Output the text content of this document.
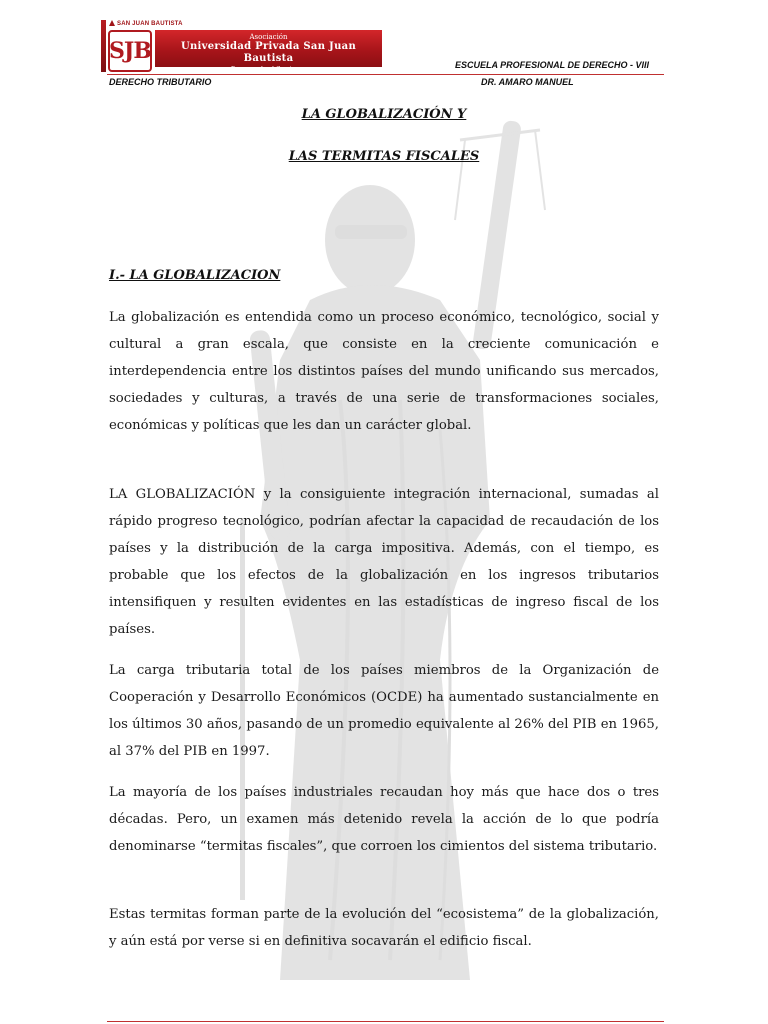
SAN JUAN BAUTISTA
SJB
Asociación
Universidad Privada San Juan Bautista
Preparando el Camino ...	ESCUELA PROFESIONAL DE DERECHO - VIII
DERECHO TRIBUTARIO	DR. AMARO MANUEL
LA GLOBALIZACIÓN Y
LAS TERMITAS FISCALES
I.- LA GLOBALIZACION

La globalización es entendida como un proceso económico, tecnológico, social y cultural a gran escala, que consiste en la creciente comunicación e interdependencia entre los distintos países del mundo unificando sus mercados, sociedades y culturas, a través de una serie de transformaciones sociales, económicas y políticas que les dan un carácter global.

LA GLOBALIZACIÓN y la consiguiente integración internacional, sumadas al rápido progreso tecnológico, podrían afectar la capacidad de recaudación de los países y la distribución de la carga impositiva. Además, con el tiempo, es probable que los efectos de la globalización en los ingresos tributarios intensifiquen y resulten evidentes en las estadísticas de ingreso fiscal de los países.

La carga tributaria total de los países miembros de la Organización de Cooperación y Desarrollo Económicos (OCDE) ha aumentado sustancialmente en los últimos 30 años, pasando de un promedio equivalente al 26% del PIB en 1965, al 37% del PIB en 1997.

La mayoría de los países industriales recaudan hoy más que hace dos o tres décadas. Pero, un examen más detenido revela la acción de lo que podría denominarse “termitas fiscales”, que corroen los cimientos del sistema tributario.

Estas termitas forman parte de la evolución del “ecosistema” de la globalización, y aún está por verse si en definitiva socavarán el edificio fiscal.
